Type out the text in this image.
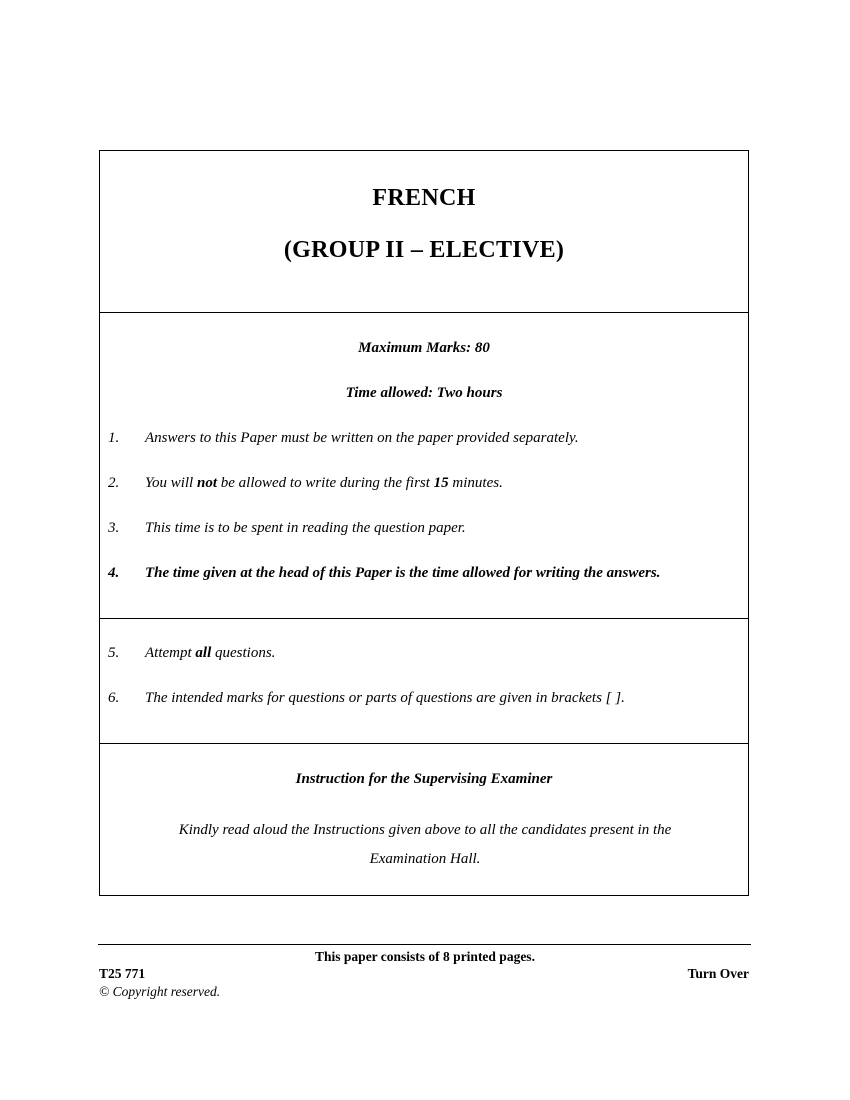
FRENCH
(GROUP II – ELECTIVE)
Maximum Marks: 80
Time allowed: Two hours
1. Answers to this Paper must be written on the paper provided separately.
2. You will not be allowed to write during the first 15 minutes.
3. This time is to be spent in reading the question paper.
4. The time given at the head of this Paper is the time allowed for writing the answers.
5. Attempt all questions.
6. The intended marks for questions or parts of questions are given in brackets [ ].
Instruction for the Supervising Examiner
Kindly read aloud the Instructions given above to all the candidates present in the Examination Hall.
This paper consists of 8 printed pages.
T25 771	Turn Over
© Copyright reserved.
